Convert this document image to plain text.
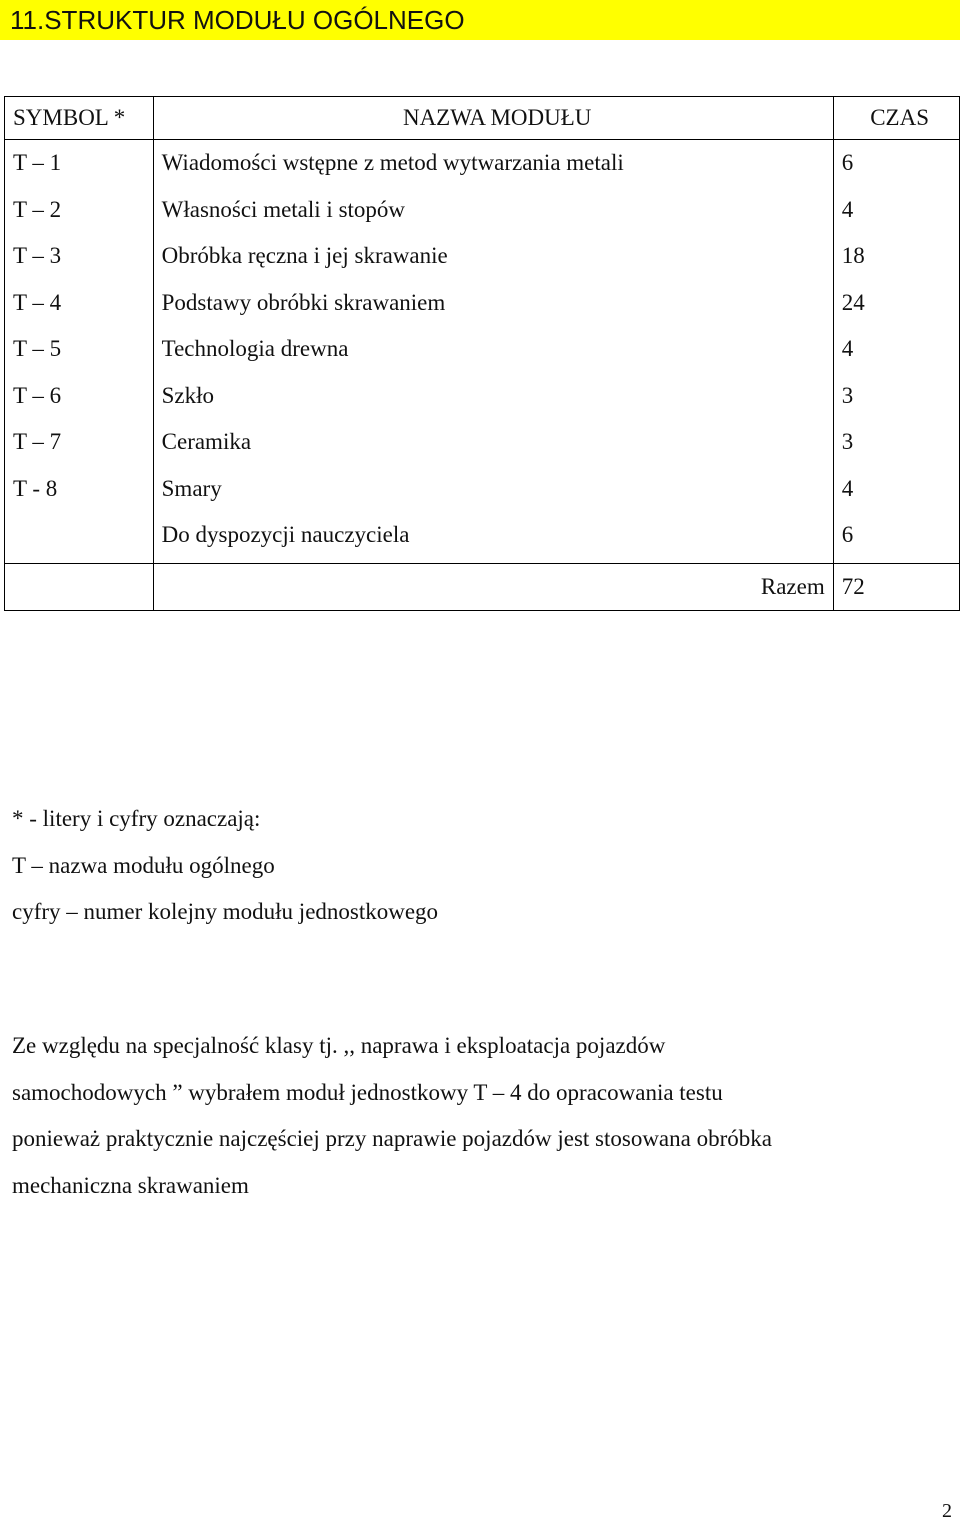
11.STRUKTUR MODUŁU OGÓLNEGO
SYMBOL *	NAZWA MODUŁU	CZAS
T – 1	Wiadomości wstępne z metod wytwarzania metali	6
T – 2	Własności metali i stopów	4
T – 3	Obróbka ręczna i jej skrawanie	18
T – 4	Podstawy obróbki skrawaniem	24
T – 5	Technologia drewna	4
T – 6	Szkło	3
T – 7	Ceramika	3
T - 8	Smary	4
	Do dyspozycji nauczyciela	6
	Razem	72
* - litery i cyfry oznaczają:
T – nazwa modułu ogólnego
cyfry – numer kolejny modułu jednostkowego
Ze względu na specjalność klasy tj. ,, naprawa i eksploatacja pojazdów
samochodowych ” wybrałem moduł jednostkowy T – 4 do opracowania testu
ponieważ praktycznie najczęściej przy naprawie pojazdów jest stosowana obróbka
mechaniczna skrawaniem
2
